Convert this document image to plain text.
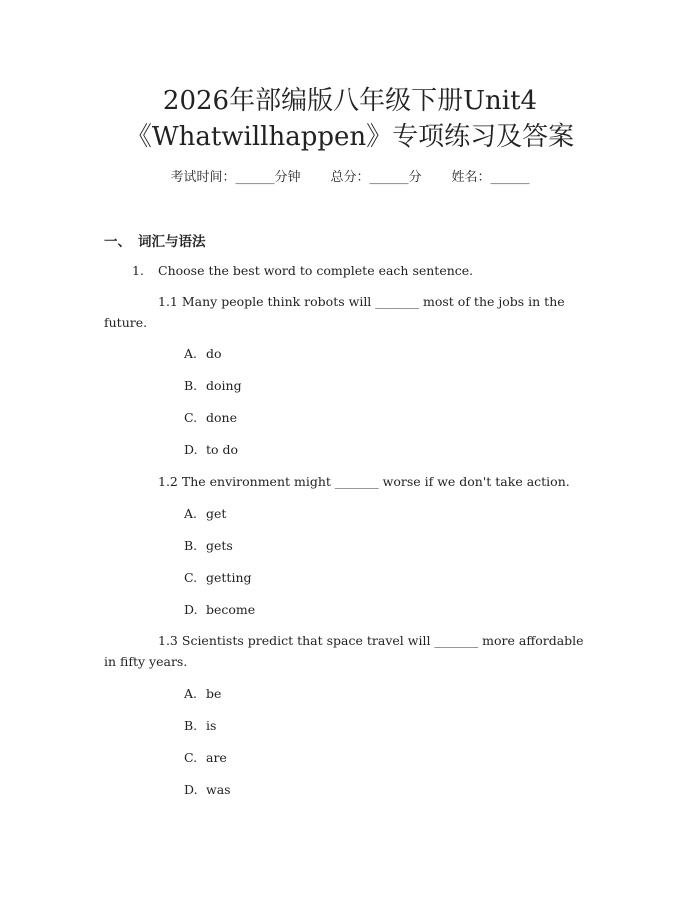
2026年部编版八年级下册Unit4
《Whatwillhappen》专项练习及答案
考试时间：______分钟 总分：______分 姓名：______
一、 词汇与语法
1. Choose the best word to complete each sentence.
1.1 Many people think robots will _______ most of the jobs in the future.
A. do
B. doing
C. done
D. to do
1.2 The environment might _______ worse if we don't take action.
A. get
B. gets
C. getting
D. become
1.3 Scientists predict that space travel will _______ more affordable in fifty years.
A. be
B. is
C. are
D. was
